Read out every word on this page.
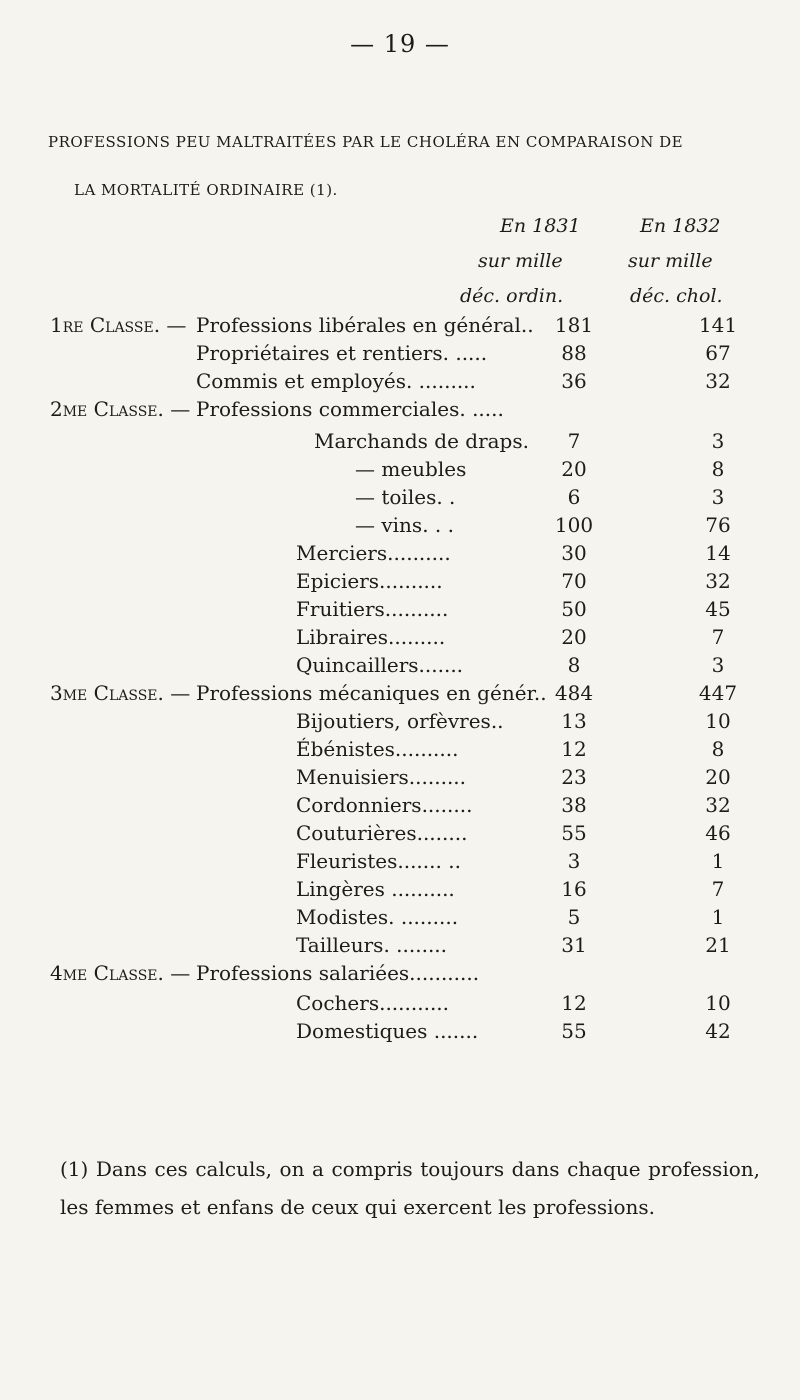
— 19 —
PROFESSIONS PEU MALTRAITÉES PAR LE CHOLÉRA EN COMPARAISON DE
LA MORTALITÉ ORDINAIRE (1).
En 1831	En 1832
sur mille	sur mille
déc. ordin.	déc. chol.
1re Classe. — Professions libérales en général..	181	141
Propriétaires et rentiers. .....	88	67
Commis et employés. .........	36	32
2me Classe. — Professions commerciales. .....
Marchands de draps.	7	3
— meubles	20	8
— toiles. .	6	3
— vins. . .	100	76
Merciers..........	30	14
Epiciers..........	70	32
Fruitiers..........	50	45
Libraires.........	20	7
Quincaillers.......	8	3
3me Classe. — Professions mécaniques en génér.. 484	447
Bijoutiers, orfèvres..	13	10
Ébénistes..........	12	8
Menuisiers.........	23	20
Cordonniers........	38	32
Couturières........	55	46
Fleuristes....... ..	3	1
Lingères ..........	16	7
Modistes. .........	5	1
Tailleurs. ........	31	21
4me Classe. — Professions salariées...........
Cochers...........	12	10
Domestiques .......	55	42
(1) Dans ces calculs, on a compris toujours dans chaque profession, les femmes et enfans de ceux qui exercent les professions.
